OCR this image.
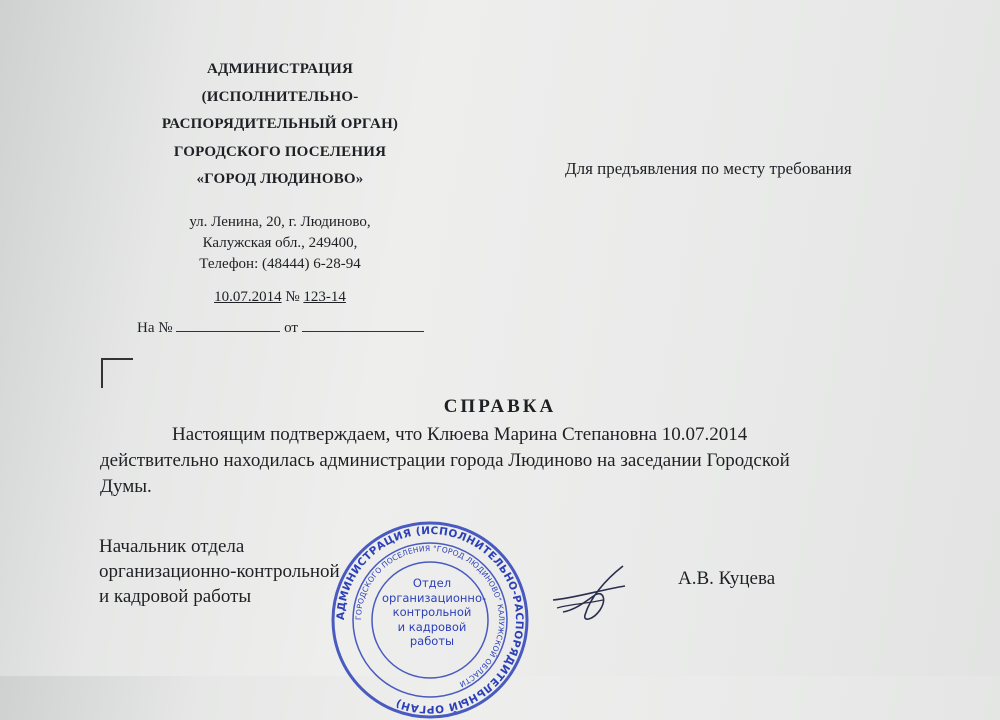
АДМИНИСТРАЦИЯ
(ИСПОЛНИТЕЛЬНО-
РАСПОРЯДИТЕЛЬНЫЙ ОРГАН)
ГОРОДСКОГО ПОСЕЛЕНИЯ
«ГОРОД ЛЮДИНОВО»
ул. Ленина, 20, г. Людиново,
Калужская обл., 249400,
Телефон: (48444) 6-28-94
10.07.2014 № 123-14
На №	от
Для предъявления по месту требования
СПРАВКА

Настоящим подтверждаем, что Клюева Марина Степановна 10.07.2014

действительно находилась администрации города Людиново на заседании Городской
Думы.
Начальник отдела
организационно-контрольной
и кадровой работы
АДМИНИСТРАЦИЯ (ИСПОЛНИТЕЛЬНО-РАСПОРЯДИТЕЛЬНЫЙ ОРГАН)
ГОРОДСКОГО ПОСЕЛЕНИЯ "ГОРОД ЛЮДИНОВО" КАЛУЖСКОЙ ОБЛАСТИ
Отдел
организационно-
контрольной
и кадровой
работы
А.В. Куцева
